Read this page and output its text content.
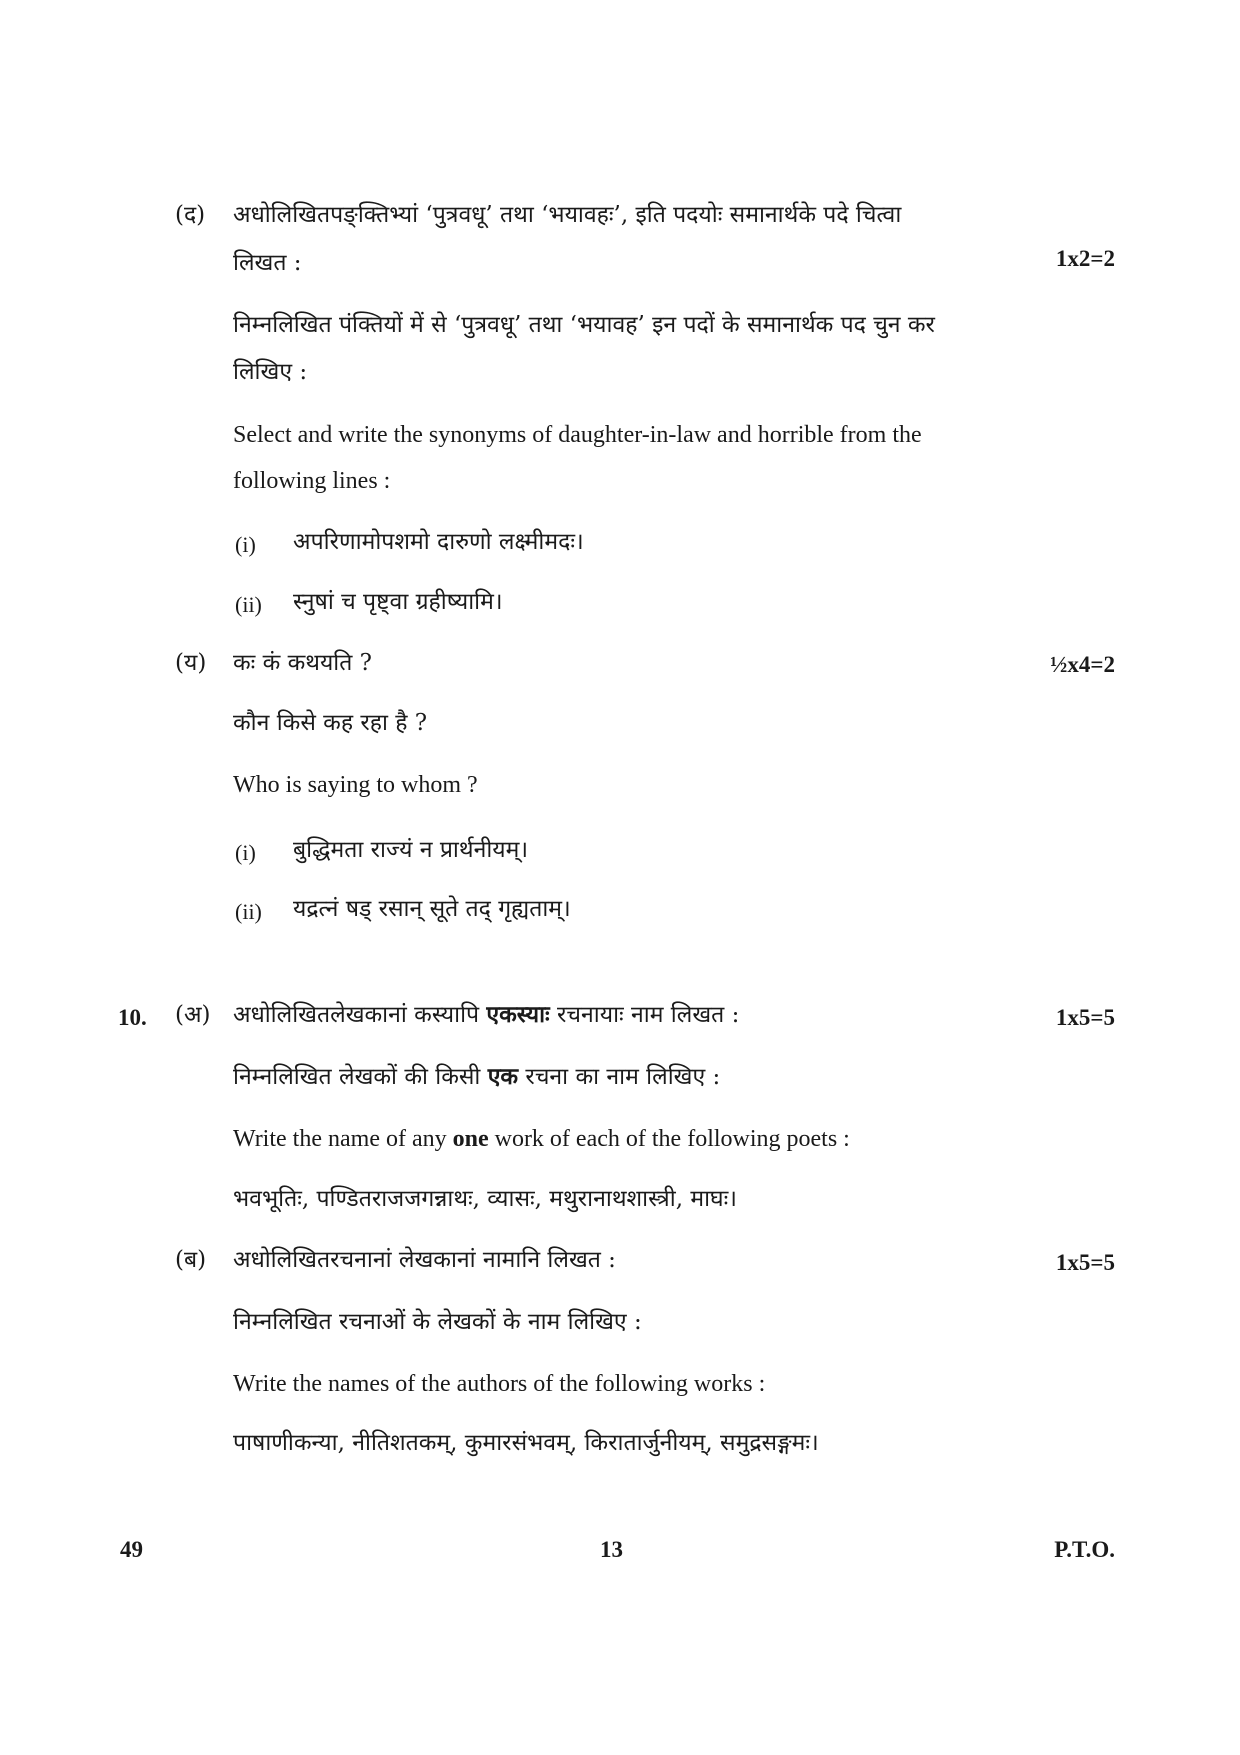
(द) अधोलिखितपङ्क्तिभ्यां ‘पुत्रवधू’ तथा ‘भयावहः’, इति पदयोः समानार्थके पदे चित्वा
लिखत :	1x2=2
निम्नलिखित पंक्तियों में से ‘पुत्रवधू’ तथा ‘भयावह’ इन पदों के समानार्थक पद चुन कर
लिखिए :
Select and write the synonyms of daughter-in-law and horrible from the
following lines :
(i) अपरिणामोपशमो दारुणो लक्ष्मीमदः।
(ii) स्नुषां च पृष्ट्वा ग्रहीष्यामि।
(य) कः कं कथयति ?	½x4=2
कौन किसे कह रहा है ?
Who is saying to whom ?
(i) बुद्धिमता राज्यं न प्रार्थनीयम्।
(ii) यद्रत्नं षड् रसान् सूते तद् गृह्यताम्।
10. (अ) अधोलिखितलेखकानां कस्यापि एकस्याः रचनायाः नाम लिखत :	1x5=5
निम्नलिखित लेखकों की किसी एक रचना का नाम लिखिए :
Write the name of any one work of each of the following poets :
भवभूतिः, पण्डितराजजगन्नाथः, व्यासः, मथुरानाथशास्त्री, माघः।
(ब) अधोलिखितरचनानां लेखकानां नामानि लिखत :	1x5=5
निम्नलिखित रचनाओं के लेखकों के नाम लिखिए :
Write the names of the authors of the following works :
पाषाणीकन्या, नीतिशतकम्, कुमारसंभवम्, किरातार्जुनीयम्, समुद्रसङ्गमः।
49	13	P.T.O.
